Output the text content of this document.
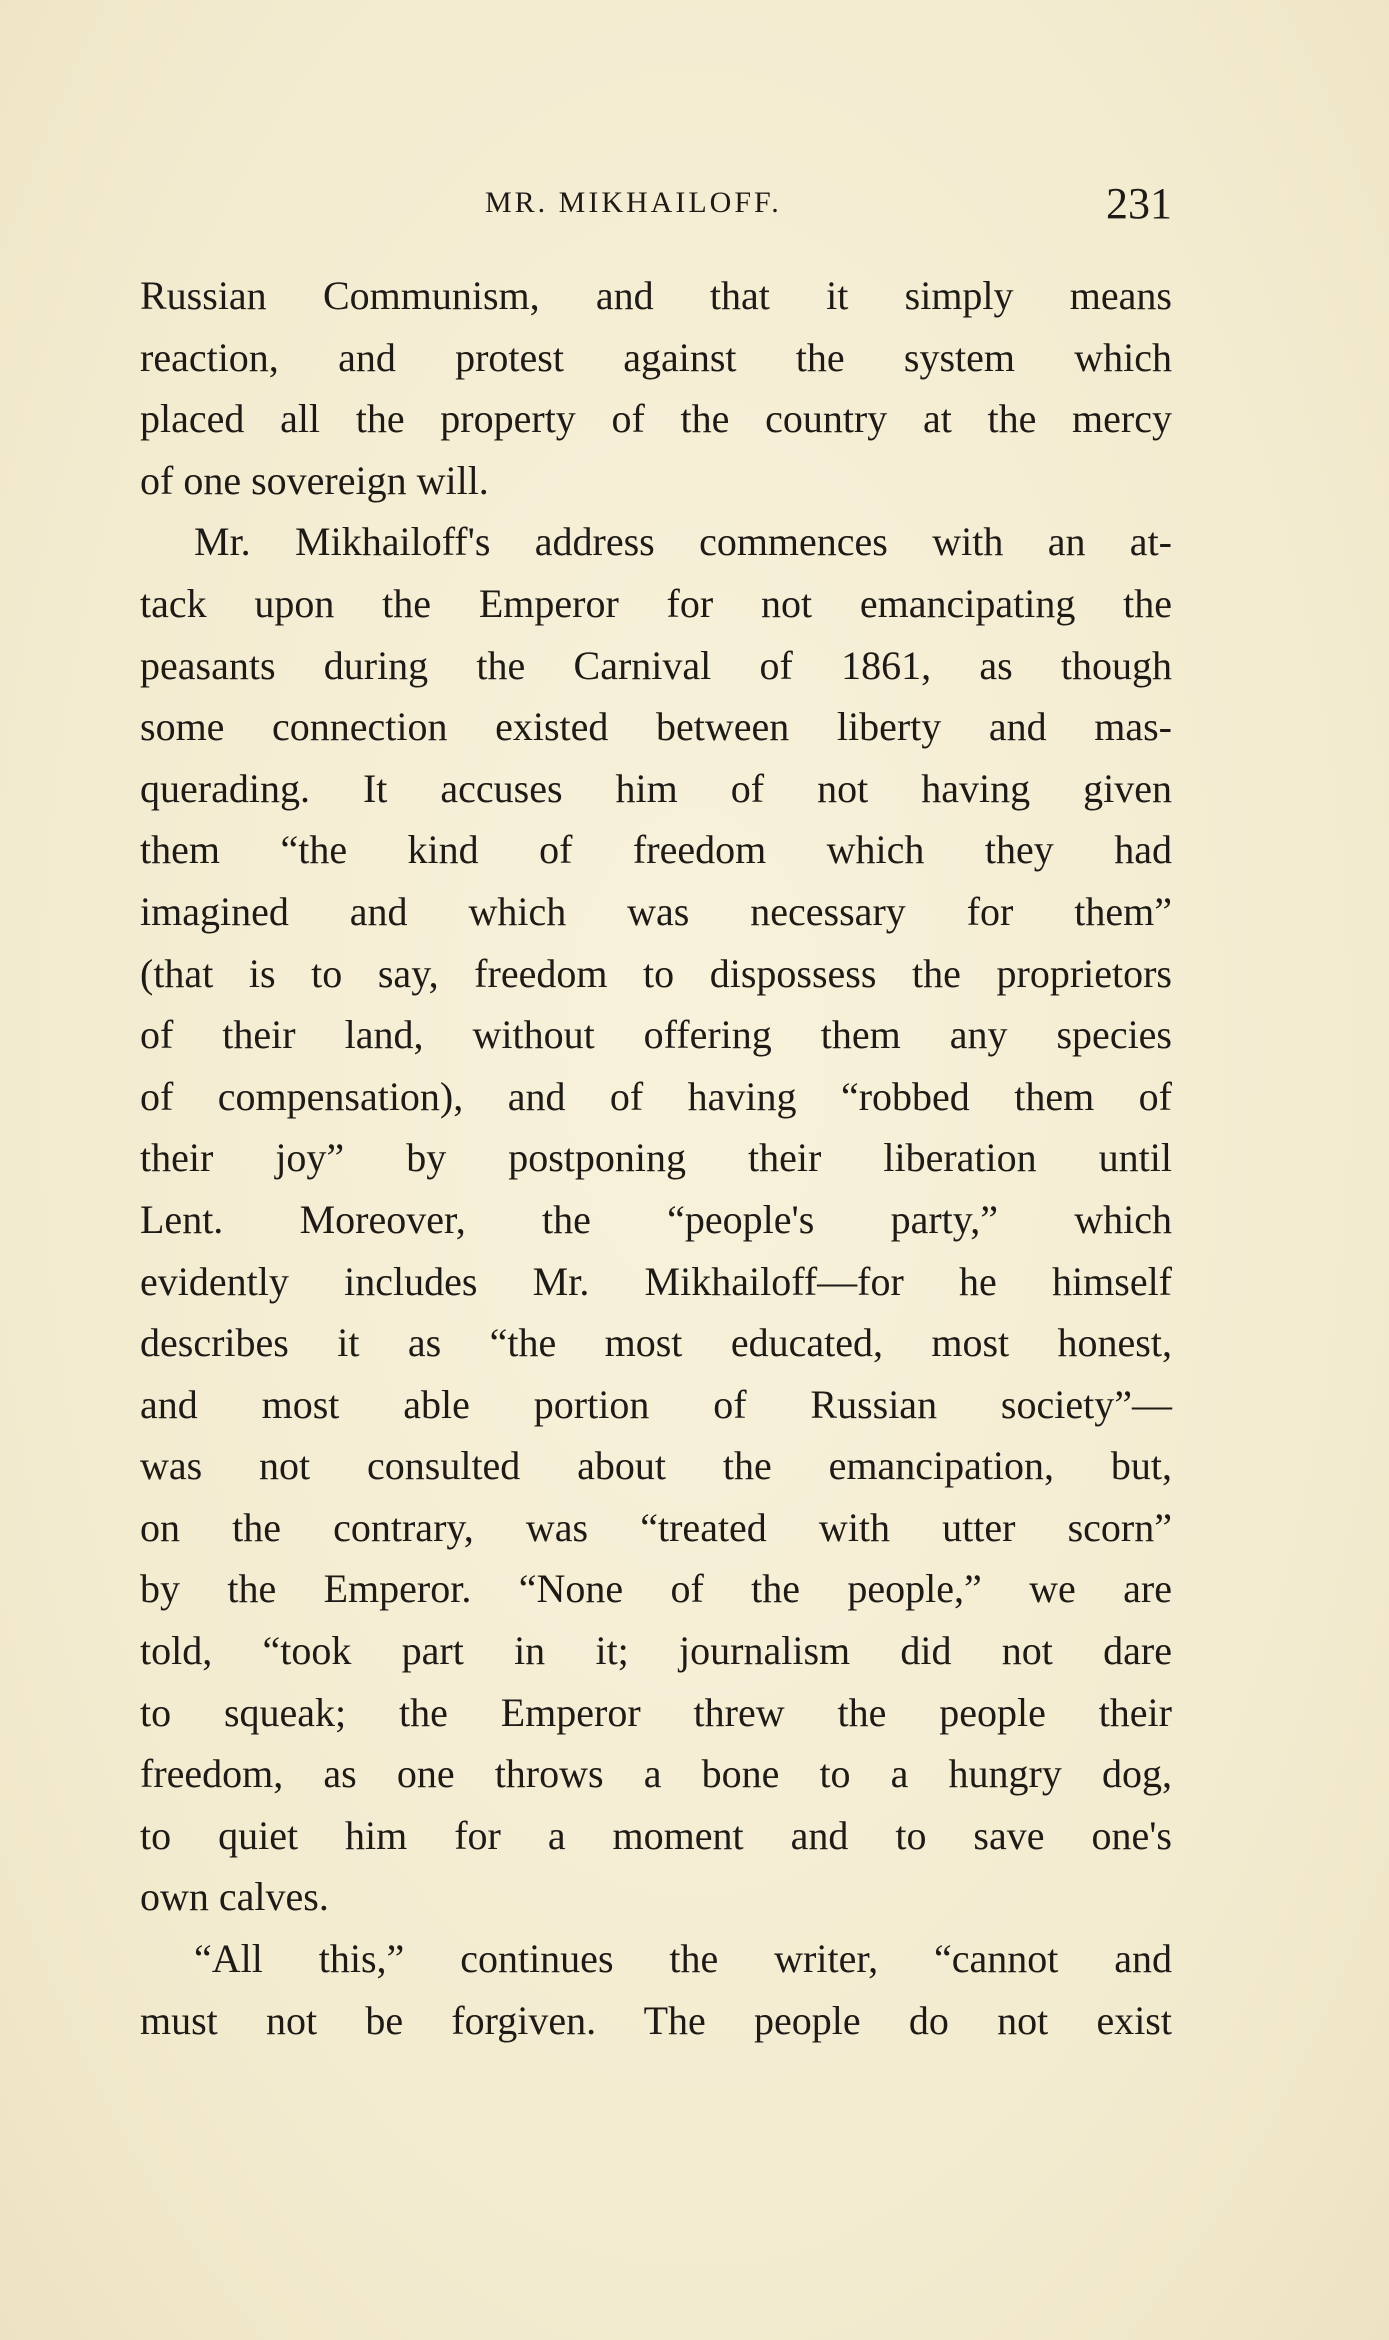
MR. MIKHAILOFF.	231
Russian Communism, and that it simply means
reaction, and protest against the system which
placed all the property of the country at the mercy
of one sovereign will.
Mr. Mikhailoff's address commences with an at-
tack upon the Emperor for not emancipating the
peasants during the Carnival of 1861, as though
some connection existed between liberty and mas-
querading. It accuses him of not having given
them “the kind of freedom which they had
imagined and which was necessary for them”
(that is to say, freedom to dispossess the proprietors
of their land, without offering them any species
of compensation), and of having “robbed them of
their joy” by postponing their liberation until
Lent. Moreover, the “people's party,” which
evidently includes Mr. Mikhailoff—for he himself
describes it as “the most educated, most honest,
and most able portion of Russian society”—
was not consulted about the emancipation, but,
on the contrary, was “treated with utter scorn”
by the Emperor. “None of the people,” we are
told, “took part in it; journalism did not dare
to squeak; the Emperor threw the people their
freedom, as one throws a bone to a hungry dog,
to quiet him for a moment and to save one's
own calves.
“All this,” continues the writer, “cannot and
must not be forgiven. The people do not exist
